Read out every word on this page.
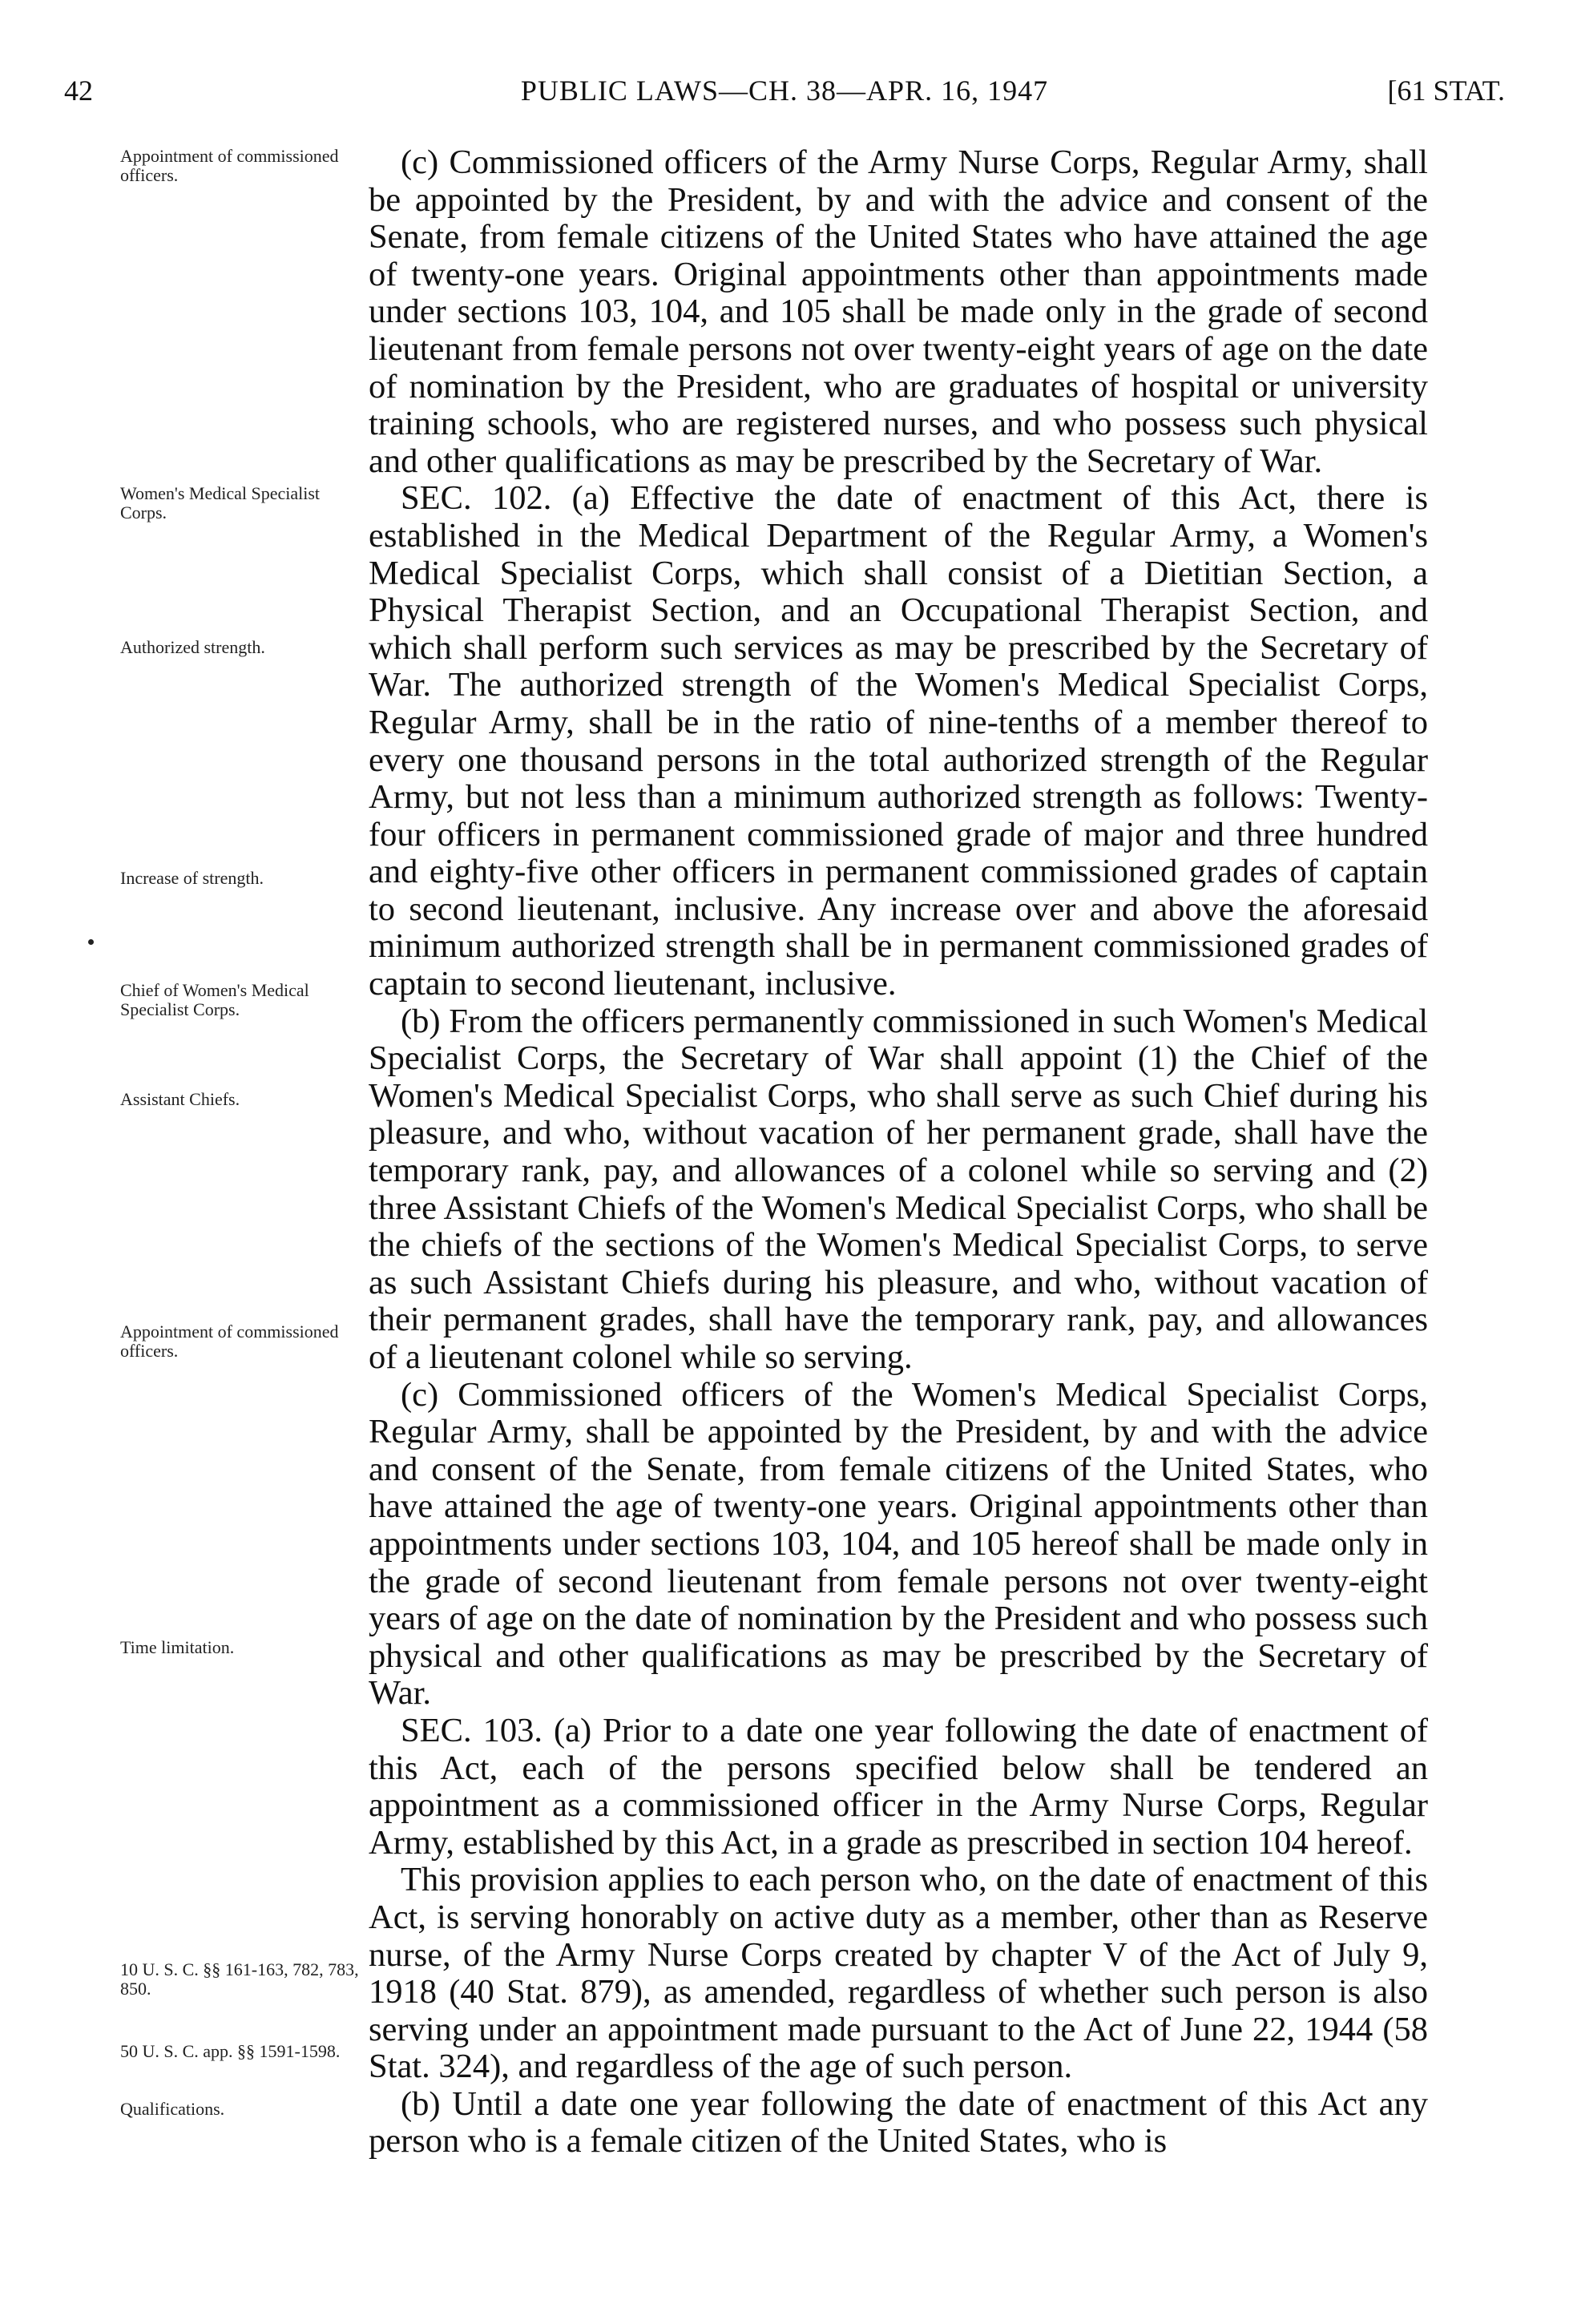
42	PUBLIC LAWS—CH. 38—APR. 16, 1947	[61 STAT.
Appointment of commissioned officers.
Women's Medical Specialist Corps.
Authorized strength.
Increase of strength.
Chief of Women's Medical Specialist Corps.
Assistant Chiefs.
Appointment of commissioned officers.
Time limitation.
10 U. S. C. §§ 161-163, 782, 783, 850.
50 U. S. C. app. §§ 1591-1598.
Qualifications.

(c) Commissioned officers of the Army Nurse Corps, Regular Army, shall be appointed by the President, by and with the advice and consent of the Senate, from female citizens of the United States who have attained the age of twenty-one years. Original appointments other than appointments made under sections 103, 104, and 105 shall be made only in the grade of second lieutenant from female persons not over twenty-eight years of age on the date of nomination by the President, who are graduates of hospital or university training schools, who are registered nurses, and who possess such physical and other qualifications as may be prescribed by the Secretary of War.

SEC. 102. (a) Effective the date of enactment of this Act, there is established in the Medical Department of the Regular Army, a Women's Medical Specialist Corps, which shall consist of a Dietitian Section, a Physical Therapist Section, and an Occupational Therapist Section, and which shall perform such services as may be prescribed by the Secretary of War. The authorized strength of the Women's Medical Specialist Corps, Regular Army, shall be in the ratio of nine-tenths of a member thereof to every one thousand persons in the total authorized strength of the Regular Army, but not less than a minimum authorized strength as follows: Twenty-four officers in permanent commissioned grade of major and three hundred and eighty-five other officers in permanent commissioned grades of captain to second lieutenant, inclusive. Any increase over and above the aforesaid minimum authorized strength shall be in permanent commissioned grades of captain to second lieutenant, inclusive.

(b) From the officers permanently commissioned in such Women's Medical Specialist Corps, the Secretary of War shall appoint (1) the Chief of the Women's Medical Specialist Corps, who shall serve as such Chief during his pleasure, and who, without vacation of her permanent grade, shall have the temporary rank, pay, and allowances of a colonel while so serving and (2) three Assistant Chiefs of the Women's Medical Specialist Corps, who shall be the chiefs of the sections of the Women's Medical Specialist Corps, to serve as such Assistant Chiefs during his pleasure, and who, without vacation of their permanent grades, shall have the temporary rank, pay, and allowances of a lieutenant colonel while so serving.

(c) Commissioned officers of the Women's Medical Specialist Corps, Regular Army, shall be appointed by the President, by and with the advice and consent of the Senate, from female citizens of the United States, who have attained the age of twenty-one years. Original appointments other than appointments under sections 103, 104, and 105 hereof shall be made only in the grade of second lieutenant from female persons not over twenty-eight years of age on the date of nomination by the President and who possess such physical and other qualifications as may be prescribed by the Secretary of War.

SEC. 103. (a) Prior to a date one year following the date of enactment of this Act, each of the persons specified below shall be tendered an appointment as a commissioned officer in the Army Nurse Corps, Regular Army, established by this Act, in a grade as prescribed in section 104 hereof.

This provision applies to each person who, on the date of enactment of this Act, is serving honorably on active duty as a member, other than as Reserve nurse, of the Army Nurse Corps created by chapter V of the Act of July 9, 1918 (40 Stat. 879), as amended, regardless of whether such person is also serving under an appointment made pursuant to the Act of June 22, 1944 (58 Stat. 324), and regardless of the age of such person.

(b) Until a date one year following the date of enactment of this Act any person who is a female citizen of the United States, who is
